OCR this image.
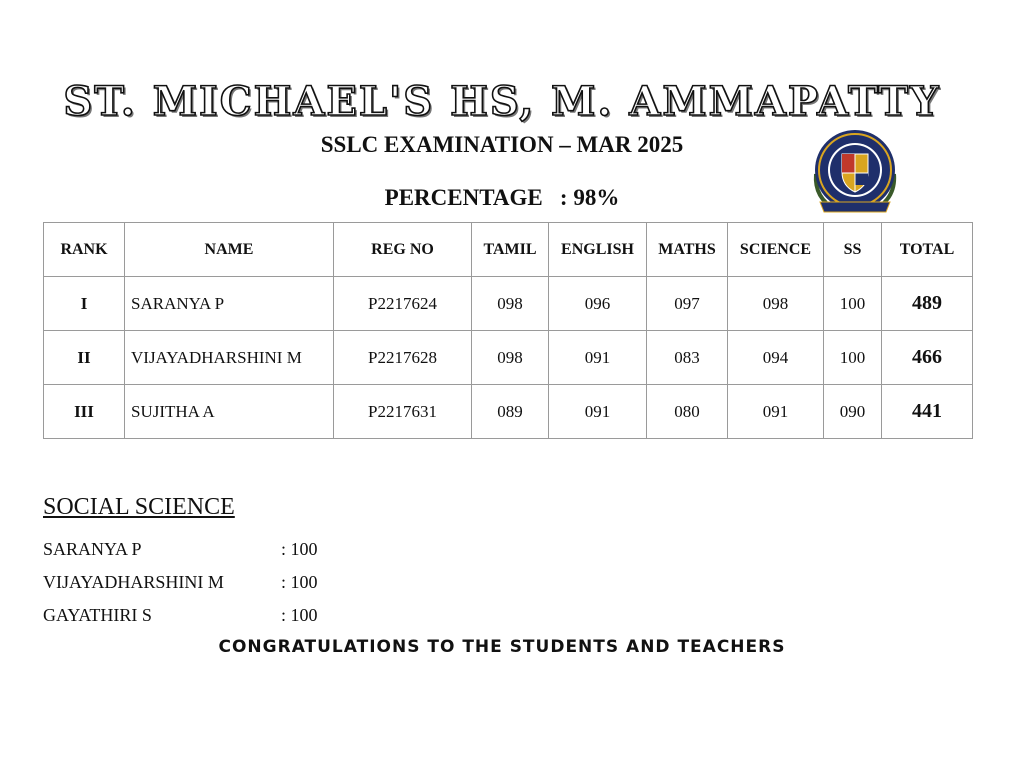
ST. MICHAEL'S HS, M. AMMAPATTY
SSLC EXAMINATION – MAR 2025
PERCENTAGE   : 98%
RANK	NAME	REG NO	TAMIL	ENGLISH	MATHS	SCIENCE	SS	TOTAL
I	SARANYA P	P2217624	098	096	097	098	100	489
II	VIJAYADHARSHINI M	P2217628	098	091	083	094	100	466
III	SUJITHA A	P2217631	089	091	080	091	090	441
SOCIAL SCIENCE
SARANYA P	: 100
VIJAYADHARSHINI M	: 100
GAYATHIRI S	: 100
CONGRATULATIONS TO THE STUDENTS AND TEACHERS
